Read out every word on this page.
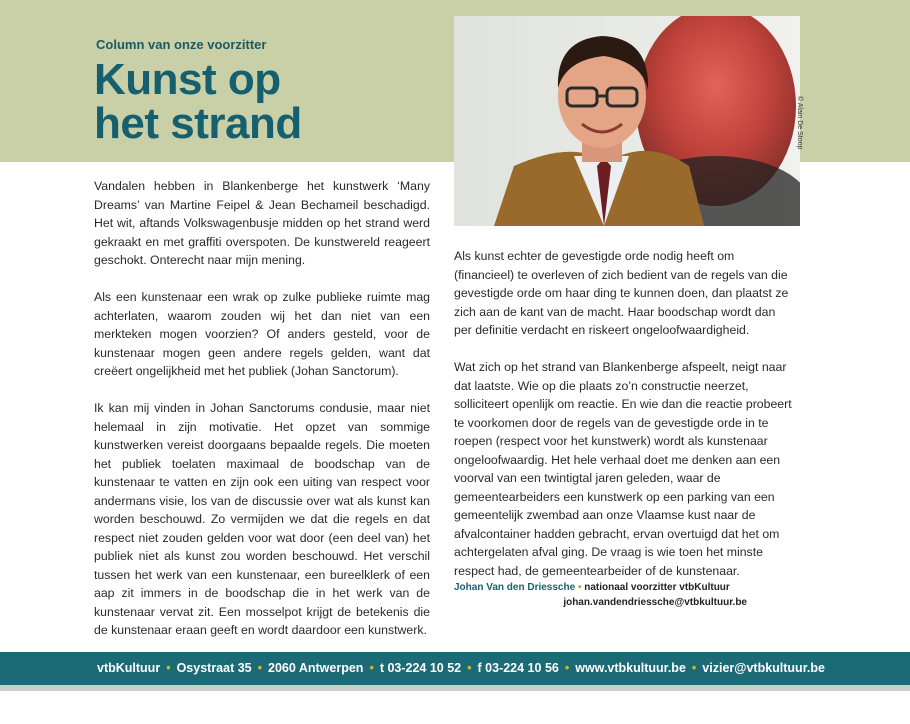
Column van onze voorzitter
Kunst op
het strand	© Alain De Stoop

Vandalen hebben in Blankenberge het kunstwerk ‘Many Dreams’ van Martine Feipel & Jean Bechameil beschadigd. Het wit, aftands Volkswagenbusje midden op het strand werd gekraakt en met graffiti overspoten. De kunstwereld reageert geschokt. Onterecht naar mijn mening.

Als een kunstenaar een wrak op zulke publieke ruimte mag achterlaten, waarom zouden wij het dan niet van een merkteken mogen voorzien? Of anders gesteld, voor de kunstenaar mogen geen andere regels gelden, want dat creëert ongelijkheid met het publiek (Johan Sanctorum).

Ik kan mij vinden in Johan Sanctorums condusie, maar niet helemaal in zijn motivatie. Het opzet van sommige kunstwerken vereist doorgaans bepaalde regels. Die moeten het publiek toelaten maximaal de boodschap van de kunstenaar te vatten en zijn ook een uiting van respect voor andermans visie, los van de discussie over wat als kunst kan worden beschouwd. Zo vermijden we dat die regels en dat respect niet zouden gelden voor wat door (een deel van) het publiek niet als kunst zou worden beschouwd. Het verschil tussen het werk van een kunstenaar, een bureelklerk of een aap zit immers in de boodschap die in het werk van de kunstenaar vervat zit. Een mosselpot krijgt de betekenis die de kunstenaar eraan geeft en wordt daardoor een kunstwerk.

Als kunst echter de gevestigde orde nodig heeft om (financieel) te overleven of zich bedient van de regels van die gevestigde orde om haar ding te kunnen doen, dan plaatst ze zich aan de kant van de macht. Haar boodschap wordt dan per definitie verdacht en riskeert ongeloofwaardigheid.

Wat zich op het strand van Blankenberge afspeelt, neigt naar dat laatste. Wie op die plaats zo’n constructie neerzet, solliciteert openlijk om reactie. En wie dan die reactie probeert te voorkomen door de regels van de gevestigde orde in te roepen (respect voor het kunstwerk) wordt als kunstenaar ongeloofwaardig. Het hele verhaal doet me denken aan een voorval van een twintigtal jaren geleden, waar de gemeentearbeiders een kunstwerk op een parking van een gemeentelijk zwembad aan onze Vlaamse kust naar de afvalcontainer hadden gebracht, ervan overtuigd dat het om achtergelaten afval ging. De vraag is wie toen het minste respect had, de gemeentearbeider of de kunstenaar.

Johan Van den Driessche • nationaal voorzitter vtbKultuur
johan.vandendriessche@vtbkultuur.be
vtbKultuur • Osystraat 35 • 2060 Antwerpen • t 03-224 10 52 • f 03-224 10 56 • www.vtbkultuur.be • vizier@vtbkultuur.be
